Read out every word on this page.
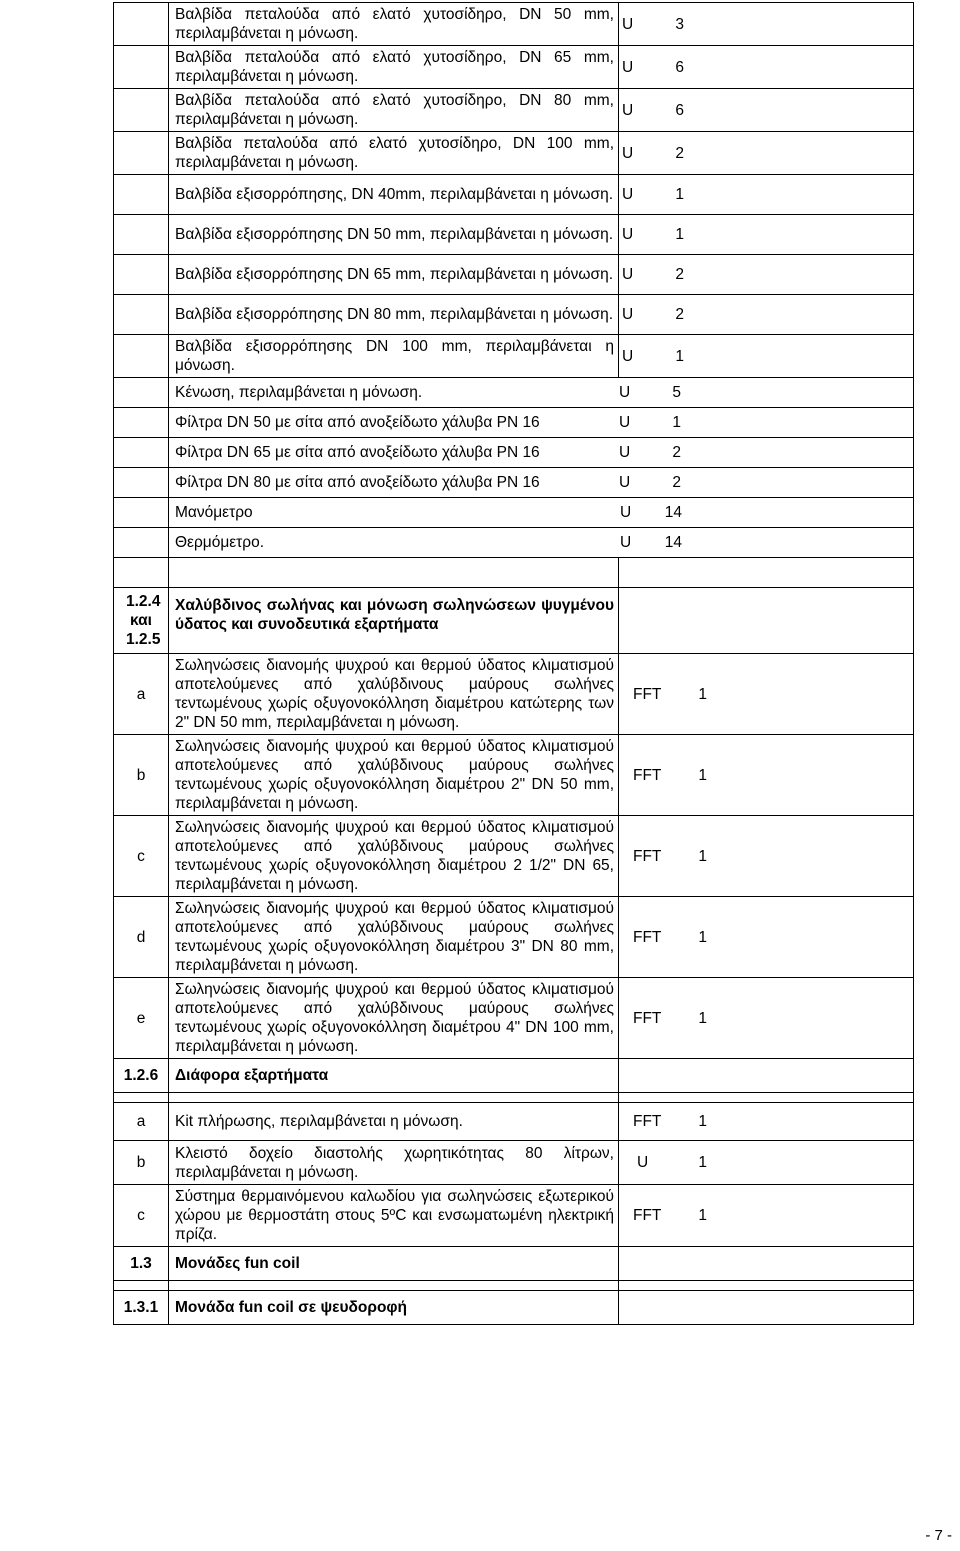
	Βαλβίδα πεταλούδα από ελατό χυτοσίδηρο, DN 50 mm, περιλαμβάνεται η μόνωση.	U 3

	Βαλβίδα πεταλούδα από ελατό χυτοσίδηρο, DN 65 mm, περιλαμβάνεται η μόνωση.	U 6

	Βαλβίδα πεταλούδα από ελατό χυτοσίδηρο, DN 80 mm, περιλαμβάνεται η μόνωση.	U 6

	Βαλβίδα πεταλούδα από ελατό χυτοσίδηρο, DN 100 mm, περιλαμβάνεται η μόνωση.	U 2

	Βαλβίδα εξισορρόπησης, DN 40mm, περιλαμβάνεται η μόνωση.	U 1

	Βαλβίδα εξισορρόπησης DN 50 mm, περιλαμβάνεται η μόνωση.	U 1

	Βαλβίδα εξισορρόπησης DN 65 mm, περιλαμβάνεται η μόνωση.	U 2

	Βαλβίδα εξισορρόπησης DN 80 mm, περιλαμβάνεται η μόνωση.	U 2

	Βαλβίδα εξισορρόπησης DN 100 mm, περιλαμβάνεται η μόνωση.	U 1

	Κένωση, περιλαμβάνεται η μόνωση. U 5	
	Φίλτρα DN 50 με σίτα από ανοξείδωτο χάλυβα PN 16 U 1	
	Φίλτρα DN 65 με σίτα από ανοξείδωτο χάλυβα PN 16 U 2	
	Φίλτρα DN 80 με σίτα από ανοξείδωτο χάλυβα PN 16 U 2	
	Μανόμετρο U 14	
	Θερμόμετρο. U 14	

1.2.4 και 1.2.5	Χαλύβδινος σωλήνας και μόνωση σωληνώσεων ψυγμένου ύδατος και συνοδευτικά εξαρτήματα	
a	Σωληνώσεις διανομής ψυχρού και θερμού ύδατος κλιματισμού αποτελούμενες από χαλύβδινους μαύρους σωλήνες τεντωμένους χωρίς οξυγονοκόλληση διαμέτρου κατώτερης των 2" DN 50 mm, περιλαμβάνεται η μόνωση.	FFT 1

b	Σωληνώσεις διανομής ψυχρού και θερμού ύδατος κλιματισμού αποτελούμενες από χαλύβδινους μαύρους σωλήνες τεντωμένους χωρίς οξυγονοκόλληση διαμέτρου 2" DN 50 mm, περιλαμβάνεται η μόνωση.	FFT 1

c	Σωληνώσεις διανομής ψυχρού και θερμού ύδατος κλιματισμού αποτελούμενες από χαλύβδινους μαύρους σωλήνες τεντωμένους χωρίς οξυγονοκόλληση διαμέτρου 2 1/2" DN 65, περιλαμβάνεται η μόνωση.	FFT 1

d	Σωληνώσεις διανομής ψυχρού και θερμού ύδατος κλιματισμού αποτελούμενες από χαλύβδινους μαύρους σωλήνες τεντωμένους χωρίς οξυγονοκόλληση διαμέτρου 3" DN 80 mm, περιλαμβάνεται η μόνωση.	FFT 1

e	Σωληνώσεις διανομής ψυχρού και θερμού ύδατος κλιματισμού αποτελούμενες από χαλύβδινους μαύρους σωλήνες τεντωμένους χωρίς οξυγονοκόλληση διαμέτρου 4" DN 100 mm, περιλαμβάνεται η μόνωση.	FFT 1

1.2.6	Διάφορα εξαρτήματα	

a	Kit πλήρωσης, περιλαμβάνεται η μόνωση.	FFT 1

b	Κλειστό δοχείο διαστολής χωρητικότητας 80 λίτρων, περιλαμβάνεται η μόνωση.	U 1

c	Σύστημα θερμαινόμενου καλωδίου για σωληνώσεις εξωτερικού χώρου με θερμοστάτη στους 5ºC και ενσωματωμένη ηλεκτρική πρίζα.	FFT 1

1.3	Μονάδες fun coil	

1.3.1	Μονάδα fun coil σε ψευδοροφή	
- 7 -
